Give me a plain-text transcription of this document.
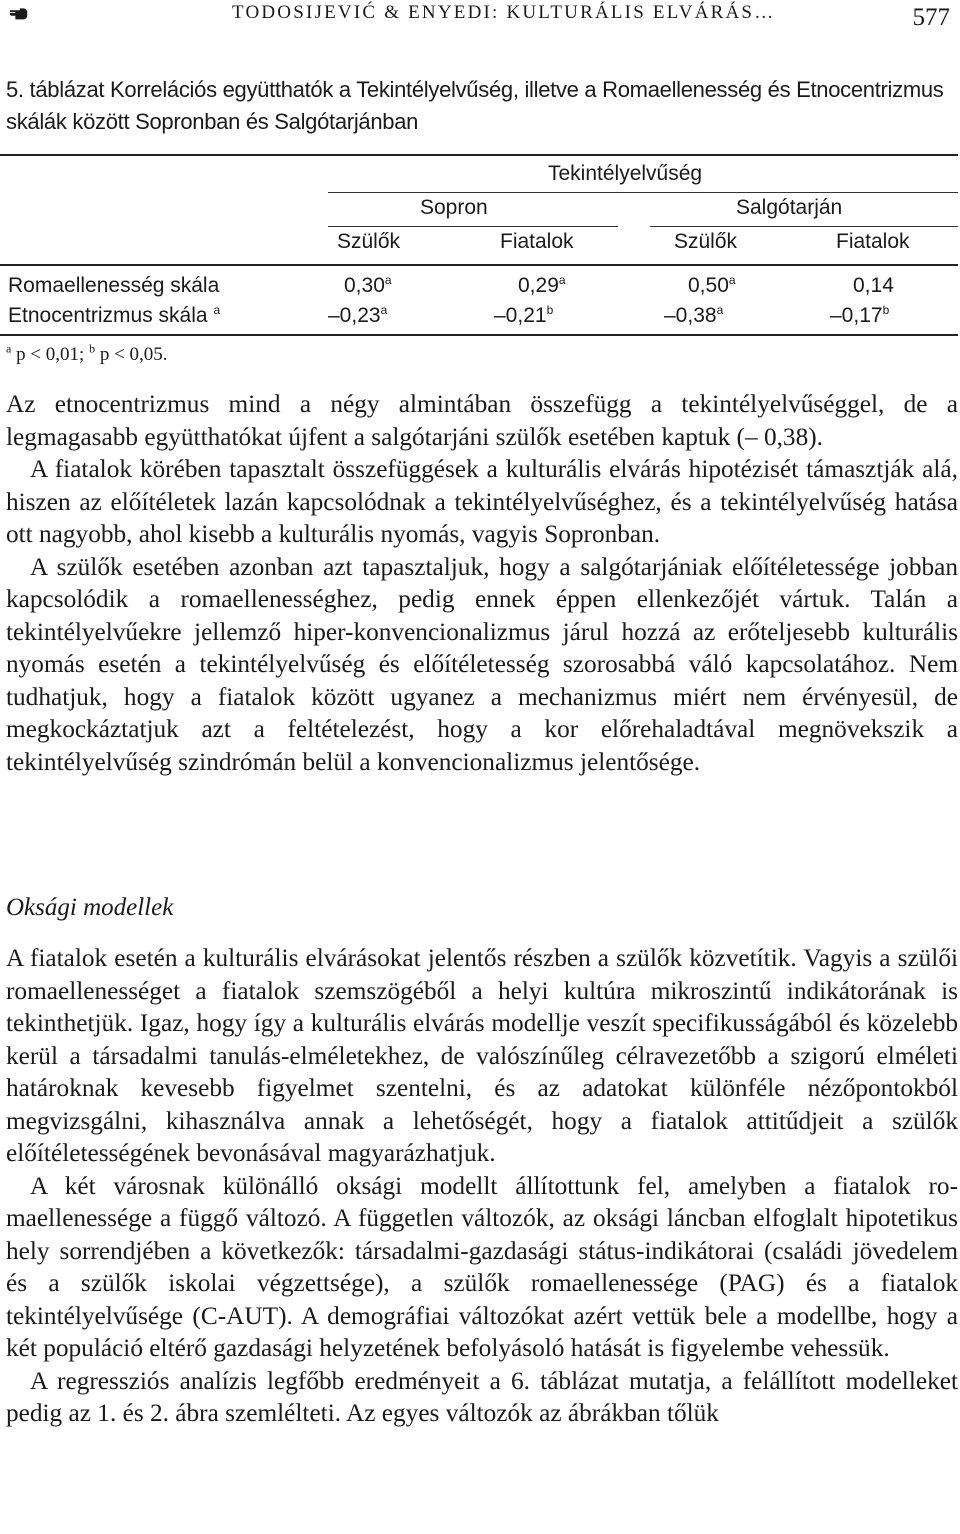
TODOSIJEVIĆ & ENYEDI: KULTURÁLIS ELVÁRÁS…	577
5. táblázat Korrelációs együtthatók a Tekintélyelvűség, illetve a Romaellenesség és Etnocentrizmus skálák között Sopronban és Salgótarjánban
Tekintélyelvűség
Sopron	Salgótarján
Szülők	Fiatalok	Szülők	Fiatalok
Romaellenesség skála	0,30$^a$	0,29$^a$	0,50$^a$	0,14
Etnocentrizmus skála $^a$	–0,23$^a$	–0,21$^b$	–0,38$^a$	–0,17$^b$
$^a$ p < 0,01; $^b$ p < 0,05.

Az etnocentrizmus mind a négy almintában összefügg a tekintélyelvűséggel, de a legmagasabb együtthatókat újfent a salgótarjáni szülők esetében kaptuk (– 0,38).

A fiatalok körében tapasztalt összefüggések a kulturális elvárás hipotézisét támasztják alá, hiszen az előítéletek lazán kapcsolódnak a tekintélyelvűséghez, és a tekintélyelvűség hatása ott nagyobb, ahol kisebb a kulturális nyomás, vagyis Sopronban.

A szülők esetében azonban azt tapasztaljuk, hogy a salgótarjániak előítéletessége jobban kapcsolódik a romaellenességhez, pedig ennek éppen ellenkezőjét vártuk. Talán a tekintélyelvűekre jellemző hiper-konvencionalizmus járul hozzá az erőteljesebb kulturális nyomás esetén a tekintélyelvűség és előítéletesség szorosabbá váló kapcsolatához. Nem tudhatjuk, hogy a fiatalok között ugyanez a mechanizmus miért nem érvényesül, de megkockáztatjuk azt a feltételezést, hogy a kor előrehaladtával megnövekszik a tekintélyelvűség szindrómán belül a konvencionalizmus jelentősége.

Oksági modellek

A fiatalok esetén a kulturális elvárásokat jelentős részben a szülők közvetítik. Vagyis a szülői romaellenességet a fiatalok szemszögéből a helyi kultúra mikroszintű indikátorának is tekinthetjük. Igaz, hogy így a kulturális elvárás modellje veszít specifikusságából és közelebb kerül a társadalmi tanulás-elméletekhez, de valószínűleg célravezetőbb a szigorú elméleti határoknak kevesebb figyelmet szentelni, és az adatokat különféle nézőpontokból megvizsgálni, kihasználva annak a lehetőségét, hogy a fiatalok attitűdjeit a szülők előítéletességének bevonásával magyarázhatjuk.

A két városnak különálló oksági modellt állítottunk fel, amelyben a fiatalok romaellenessége a függő változó. A független változók, az oksági láncban elfoglalt hipotetikus hely sorrendjében a következők: társadalmi-gazdasági státus-indikátorai (családi jövedelem és a szülők iskolai végzettsége), a szülők romaellenessége (PAG) és a fiatalok tekintélyelvűsége (C-AUT). A demográfiai változókat azért vettük bele a modellbe, hogy a két populáció eltérő gazdasági helyzetének befolyásoló hatását is figyelembe vehessük.

A regressziós analízis legfőbb eredményeit a 6. táblázat mutatja, a felállított modelleket pedig az 1. és 2. ábra szemlélteti. Az egyes változók az ábrákban tőlük
